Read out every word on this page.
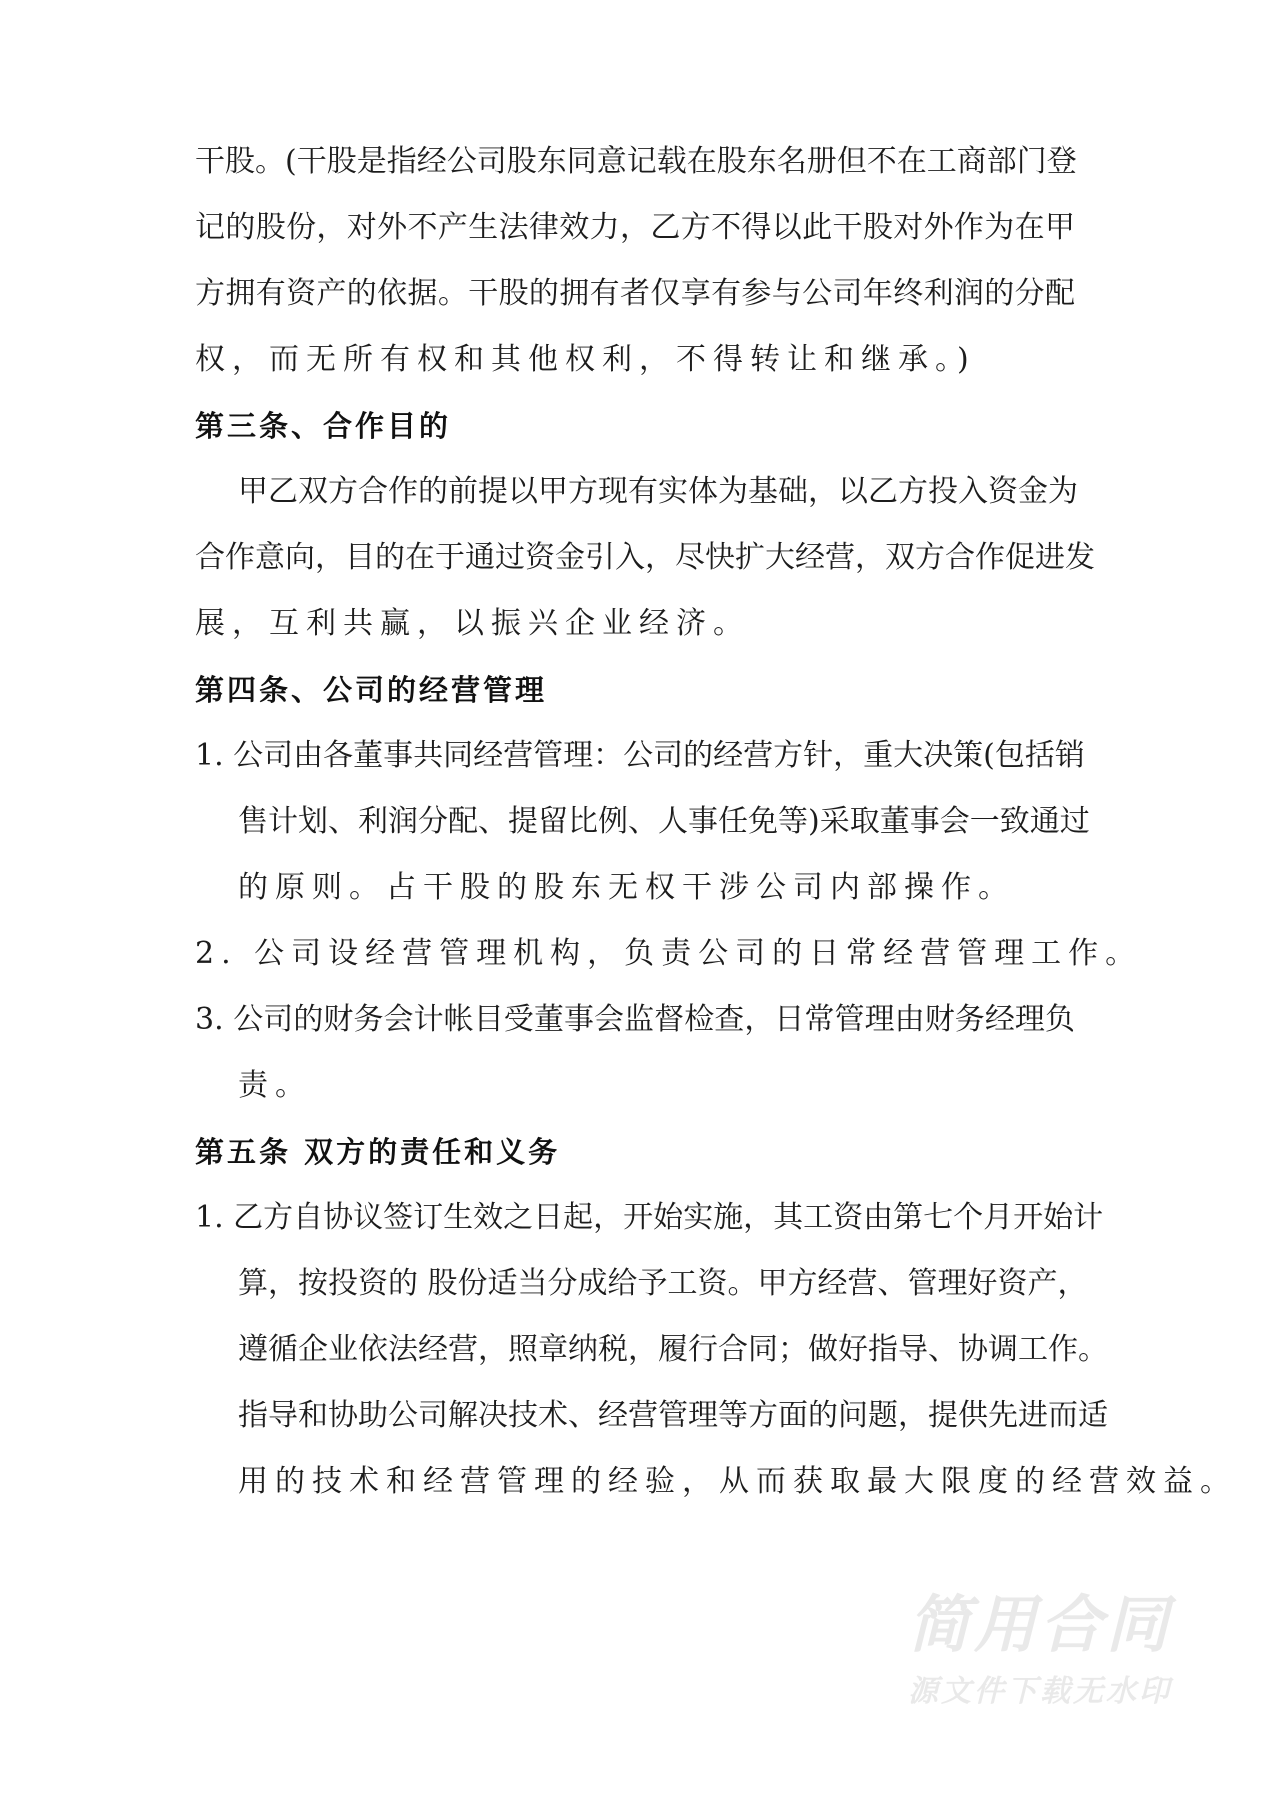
干股。(干股是指经公司股东同意记载在股东名册但不在工商部门登
记的股份，对外不产生法律效力，乙方不得以此干股对外作为在甲
方拥有资产的依据。干股的拥有者仅享有参与公司年终利润的分配
权，而无所有权和其他权利，不得转让和继承。)
第三条、合作目的
甲乙双方合作的前提以甲方现有实体为基础，以乙方投入资金为
合作意向，目的在于通过资金引入，尽快扩大经营，双方合作促进发
展，互利共赢，以振兴企业经济。
第四条、公司的经营管理
1. 公司由各董事共同经营管理：公司的经营方针，重大决策(包括销
售计划、利润分配、提留比例、人事任免等)采取董事会一致通过
的原则。占干股的股东无权干涉公司内部操作。
2. 公司设经营管理机构，负责公司的日常经营管理工作。
3. 公司的财务会计帐目受董事会监督检查，日常管理由财务经理负
责。
第五条 双方的责任和义务
1. 乙方自协议签订生效之日起，开始实施，其工资由第七个月开始计
算，按投资的 股份适当分成给予工资。甲方经营、管理好资产，
遵循企业依法经营，照章纳税，履行合同；做好指导、协调工作。
指导和协助公司解决技术、经营管理等方面的问题，提供先进而适
用的技术和经营管理的经验，从而获取最大限度的经营效益。
简用合同
源文件下载无水印
